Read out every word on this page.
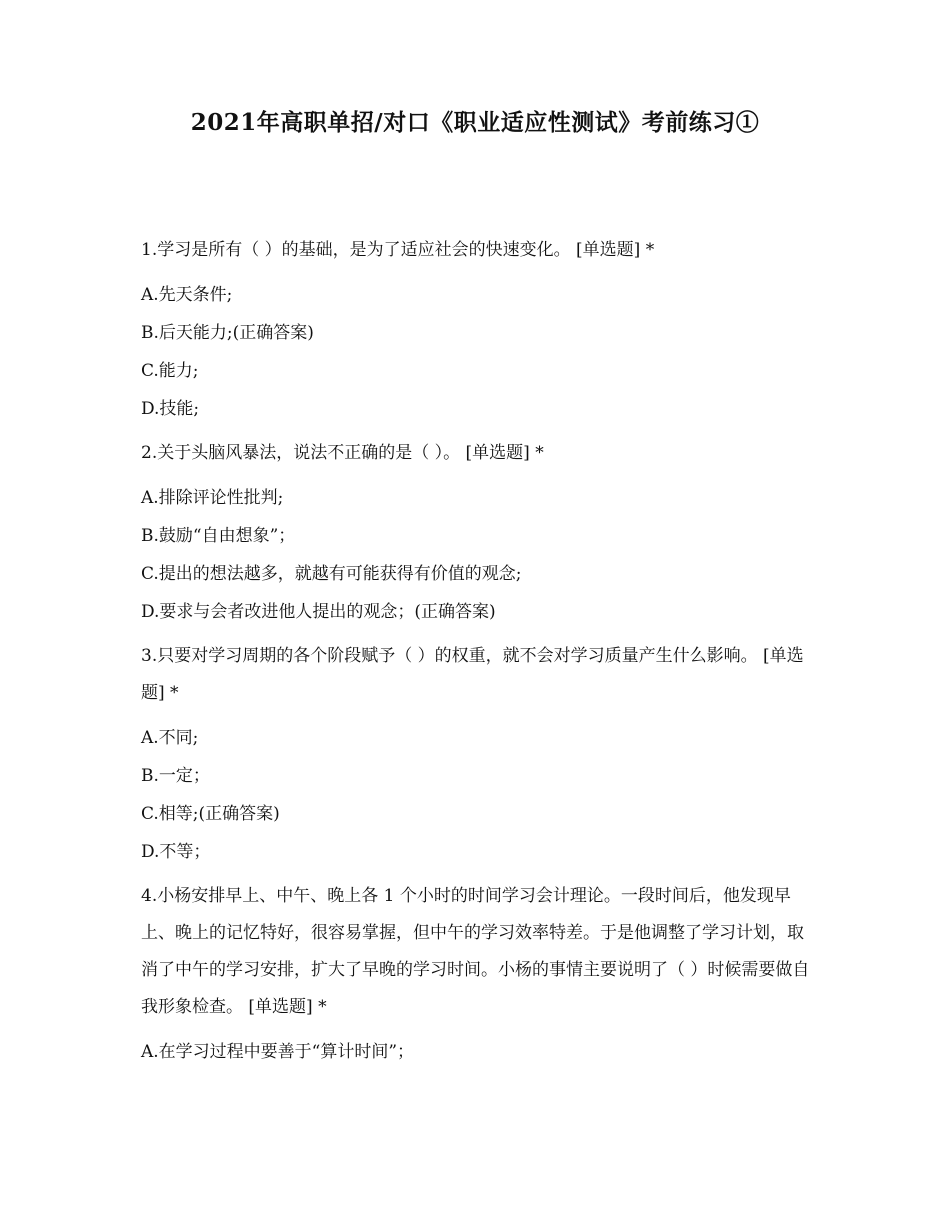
2021年高职单招/对口《职业适应性测试》考前练习①

1.学习是所有（ ）的基础，是为了适应社会的快速变化。 [单选题] *

A.先天条件;

B.后天能力;(正确答案)

C.能力;

D.技能;

2.关于头脑风暴法，说法不正确的是（ ）。 [单选题] *

A.排除评论性批判;

B.鼓励“自由想象”；

C.提出的想法越多，就越有可能获得有价值的观念;

D.要求与会者改进他人提出的观念；(正确答案)

3.只要对学习周期的各个阶段赋予（ ）的权重，就不会对学习质量产生什么影响。 [单选题] *

A.不同;

B.一定；

C.相等;(正确答案)

D.不等；

4.小杨安排早上、中午、晚上各 1 个小时的时间学习会计理论。一段时间后，他发现早上、晚上的记忆特好，很容易掌握，但中午的学习效率特差。于是他调整了学习计划，取消了中午的学习安排，扩大了早晚的学习时间。小杨的事情主要说明了（ ）时候需要做自我形象检查。 [单选题] *

A.在学习过程中要善于“算计时间”；
